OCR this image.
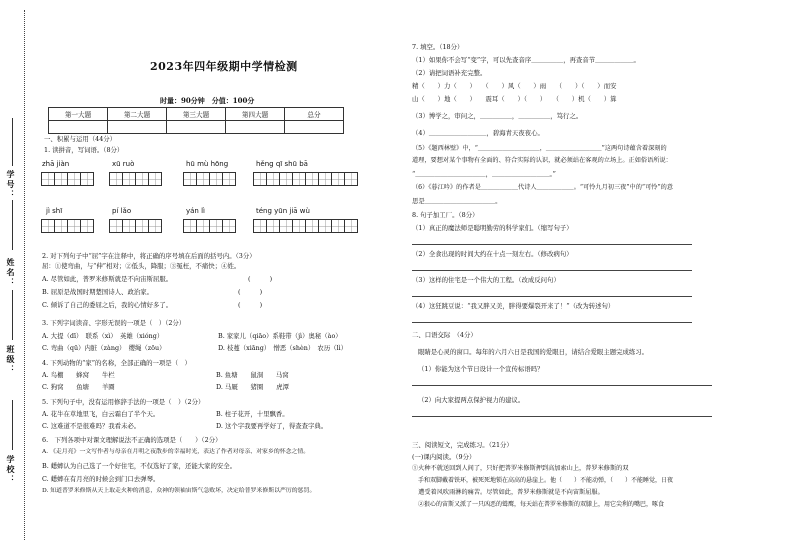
学校：
班级：
姓名：
学号：
2023年四年级期中学情检测
时量：90分钟　分值：100分
第一大题	第二大题	第三大题	第四大题	总分

一、积累与运用（44分）
1. 读拼音，写词语。（8分）
zhā jiàn	xū ruò	hū mù hōng	hěng qī shū bā
jì shī	pí lǎo	yán lì	téng yūn jiā wù
2. 对下列句子中“屈”字在注释中，将正确的序号填在后面的括号内。（3分）
屈：①使弯曲，与“伸”相对；②低头，降服；③冤枉，不痛快；④姓。
A. 尽管如此，普罗米修斯就是不向宙斯屈服。	(　　　)
B. 屈原是战国时期楚国诗人、政治家。	(　　　)
C. 倾诉了自己的委屈之后，我的心情好多了。	(　　　)
3. 下列字词读音、字形无误的一项是（　）（2分）
A. 大提（dī）　联系（xì）　英雄（xióng）	B. 家家儿（qiāo）系鞋带（jì）奥秘（ào）
C. 弯曲（qū）内脏（zàng）　缨绳（zōu）	D. 枝蔓（xiāng）　憎恶（shèn）　农历（lì）
4. 下列动物的“家”的名称，全部正确的一项是（　）
A. 鸟棚　　 蜂窝　　 牛栏	B. 鱼塘　　 鼠洞　　 马窝
C. 狗窝　　 鱼塘　　 羊圈	D. 马厩　　 猪圈　　 虎潭
5. 下列句子中，没有运用修辞手法的一项是（　）（2分）
A. 花牛在草地里飞，白云霜白了半个天。	B. 柱子花开，十里飘香。
C. 这难道不是很难吗？我看未必。	D. 这个字我要再学好了，得查查字典。
6.　下列各项中对课文理解说法不正确的选项是（　　）（2分）
A. 《走月亮》一文写作者与母亲在月明之夜散步的幸福时光，表达了作者对母亲、对家乡的怀念之情。
B. 蟋蟀认为自己选了一个好住宅，不仅选好了家，还能大家的安全。
C. 蟋蟀在有月亮的时候会到门口去弹琴。
D. 知道普罗米修斯从天上取走火种的消息，众神的领袖宙斯气急败坏，决定给普罗米修斯以严厉的惩罚。
7. 填空。（18分）
（1）如果你不会写“变”字，可以先查音序＿＿＿＿＿，再查音节＿＿＿＿＿＿。
（2）请把词语补充完整。
精（　　）力（　　）　　（　　）风（　　）雨　　（　　）（　　）而安
山（　　）地（　　）　　震耳（　　）（　　）　　（　　）机（　　）算
（3）博学之，审问之，＿＿＿＿＿，＿＿＿＿＿，笃行之。
（4）＿＿＿＿＿＿＿＿＿，碧海青天夜夜心。
（5）《题西林壁》中，“＿＿＿＿＿＿＿＿＿＿，＿＿＿＿＿＿＿＿＿”这两句诗蕴含着深刻的
道理，要想对某个事物有全面的、符合实际的认识，就必须站在客观的立场上。正如俗语所说：
“＿＿＿＿＿＿＿＿＿＿＿，＿＿＿＿＿＿＿＿＿。”
（6）《暮江吟》的作者是＿＿＿＿＿＿代诗人＿＿＿＿＿＿。“可怜九月初三夜”中的“可怜”的意
思是＿＿＿＿＿＿＿＿＿＿＿。
8. 句子加工厂。（8分）
（1）真正的魔法师是聪明勤劳的科学家们。（缩写句子）
（2）全食出现的时间大约在十点一刻左右。（修改病句）
（3）这样的住宅是一个伟大的工程。（改成反问句）
（4）这狂跳豆说：“我又胖又美，胖得要爆裂开来了！”（改为转述句）
二、口语交际　（4分）
眼睛是心灵的窗口。每年的六月六日是我国的爱眼日，请结合爱眼主题完成练习。
（1）你能为这个节日设计一个宣传标语吗？
（2）向大家提两点保护视力的建议。
三、阅读短文，完成练习。（21分）
(一)课内阅读。（9分）
①火种不就送回到人间了，只好把普罗米修斯押到高加索山上，普罗米修斯的双
　手和双脚戴着铁环，被死死地锁在高高的悬崖上。他（　　）不能动弹，（　　）不能睡觉，日夜
　遭受着风吹雨淋的痛苦。尽管如此，普罗米修斯就是不向宙斯屈服。
　②狠心的宙斯又派了一只凶恶的鹫鹰，每天站在普罗米修斯的双膝上，用它尖利的嘴巴，啄食
